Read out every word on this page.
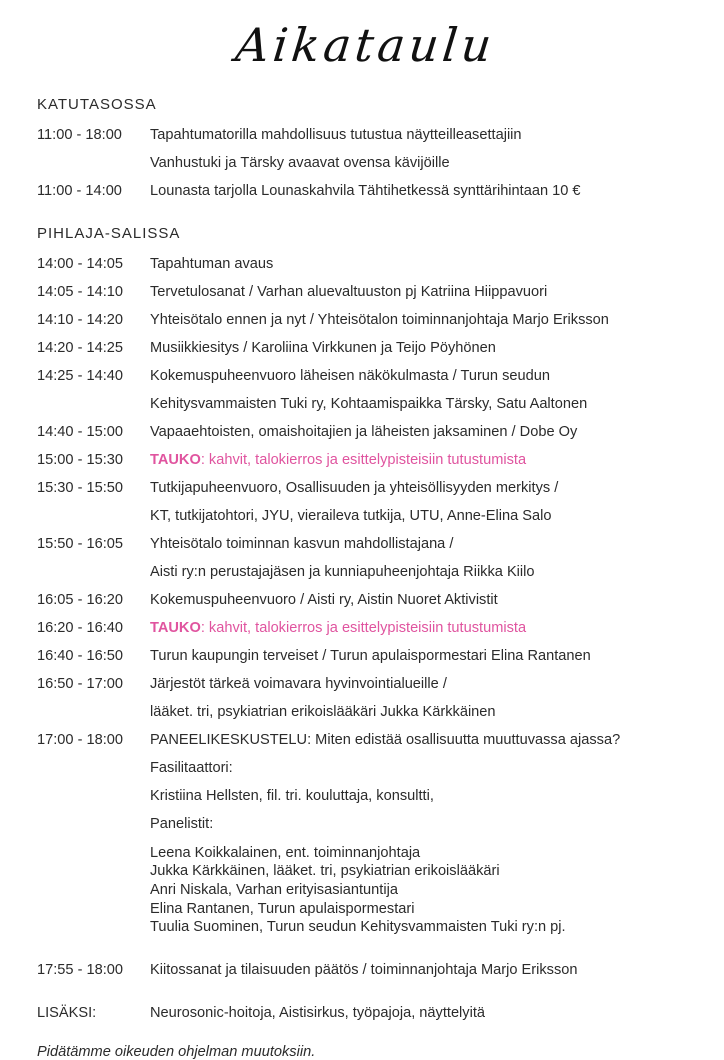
Aikataulu
KATUTASOSSA
11:00 - 18:00	Tapahtumatorilla mahdollisuus tutustua näytteilleasettajiin
Vanhustuki ja Tärsky avaavat ovensa kävijöille
11:00 - 14:00	Lounasta tarjolla Lounaskahvila Tähtihetkessä synttärihintaan 10 €
PIHLAJA-SALISSA
14:00 - 14:05	Tapahtuman avaus
14:05 - 14:10	Tervetulosanat / Varhan aluevaltuuston pj Katriina Hiippavuori
14:10 - 14:20	Yhteisötalo ennen ja nyt / Yhteisötalon toiminnanjohtaja Marjo Eriksson
14:20 - 14:25	Musiikkiesitys / Karoliina Virkkunen ja Teijo Pöyhönen
14:25 - 14:40	Kokemuspuheenvuoro läheisen näkökulmasta / Turun seudun
Kehitysvammaisten Tuki ry, Kohtaamispaikka Tärsky, Satu Aaltonen
14:40 - 15:00	Vapaaehtoisten, omaishoitajien ja läheisten jaksaminen / Dobe Oy
15:00 - 15:30	TAUKO: kahvit, talokierros ja esittelypisteisiin tutustumista
15:30 - 15:50	Tutkijapuheenvuoro, Osallisuuden ja yhteisöllisyyden merkitys /
KT, tutkijatohtori, JYU, vieraileva tutkija, UTU, Anne-Elina Salo
15:50 - 16:05	Yhteisötalo toiminnan kasvun mahdollistajana /
Aisti ry:n perustajajäsen ja kunniapuheenjohtaja Riikka Kiilo
16:05 - 16:20	Kokemuspuheenvuoro / Aisti ry, Aistin Nuoret Aktivistit
16:20 - 16:40	TAUKO: kahvit, talokierros ja esittelypisteisiin tutustumista
16:40 - 16:50	Turun kaupungin terveiset / Turun apulaispormestari Elina Rantanen
16:50 - 17:00	Järjestöt tärkeä voimavara hyvinvointialueille /
lääket. tri, psykiatrian erikoislääkäri Jukka Kärkkäinen
17:00 - 18:00	PANEELIKESKUSTELU: Miten edistää osallisuutta muuttuvassa ajassa?
Fasilitaattori:
Kristiina Hellsten, fil. tri. kouluttaja, konsultti,
Panelistit:
Leena Koikkalainen, ent. toiminnanjohtaja
Jukka Kärkkäinen, lääket. tri, psykiatrian erikoislääkäri
Anri Niskala, Varhan erityisasiantuntija
Elina Rantanen, Turun apulaispormestari
Tuulia Suominen, Turun seudun Kehitysvammaisten Tuki ry:n pj.
17:55 - 18:00	Kiitossanat ja tilaisuuden päätös / toiminnanjohtaja Marjo Eriksson
LISÄKSI:	Neurosonic-hoitoja, Aistisirkus, työpajoja, näyttelyitä

Pidätämme oikeuden ohjelman muutoksiin.
